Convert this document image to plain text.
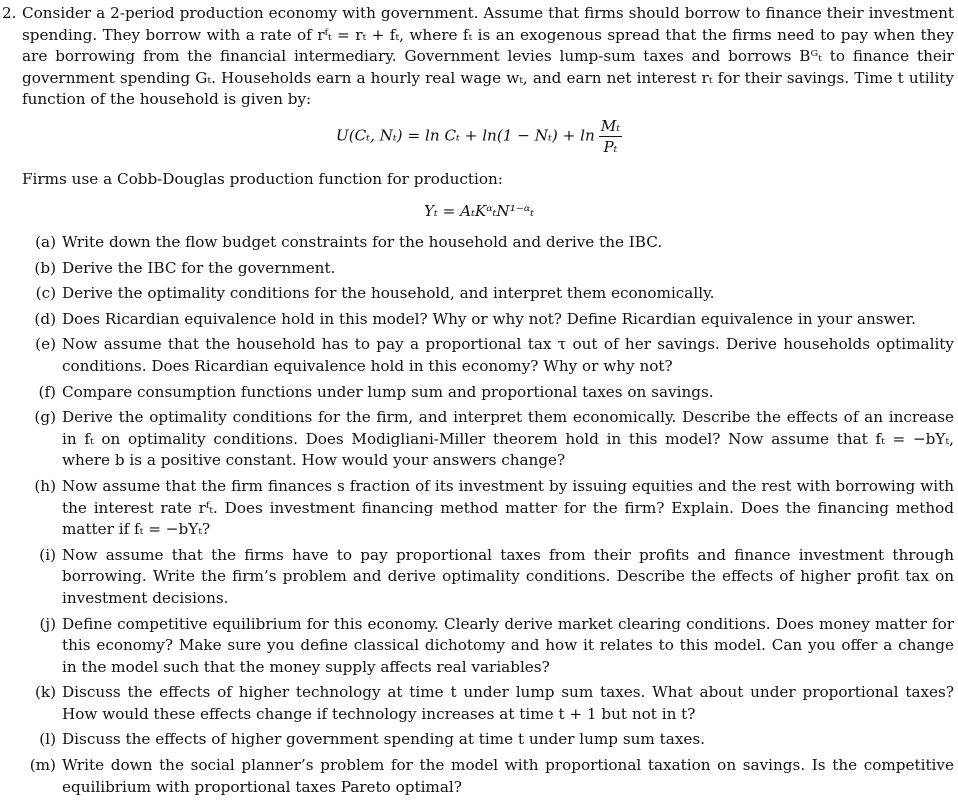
2. Consider a 2-period production economy with government. Assume that firms should borrow to finance their investment spending. They borrow with a rate of rᶠₜ = rₜ + fₜ, where fₜ is an exogenous spread that the firms need to pay when they are borrowing from the financial intermediary. Government levies lump-sum taxes and borrows Bᴳₜ to finance their government spending Gₜ. Households earn a hourly real wage wₜ, and earn net interest rₜ for their savings. Time t utility function of the household is given by:
U(Cₜ, $N_t) = \ln C_t + \ln(1 - N_t) + \ln \frac{\text{Mₜ}}{\text{Pₜ}}$
Firms use a Cobb-Douglas production function for production:
Yₜ = AₜKᵅₜN¹⁻ᵅₜ
(a) Write down the flow budget constraints for the household and derive the IBC.
(b) Derive the IBC for the government.
(c) Derive the optimality conditions for the household, and interpret them economically.
(d) Does Ricardian equivalence hold in this model? Why or why not? Define Ricardian equivalence in your answer.
(e) Now assume that the household has to pay a proportional tax τ out of her savings. Derive households optimality conditions. Does Ricardian equivalence hold in this economy? Why or why not?
(f) Compare consumption functions under lump sum and proportional taxes on savings.
(g) Derive the optimality conditions for the firm, and interpret them economically. Describe the effects of an increase in fₜ on optimality conditions. Does Modigliani-Miller theorem hold in this model? Now assume that fₜ = −bYₜ, where b is a positive constant. How would your answers change?
(h) Now assume that the firm finances s fraction of its investment by issuing equities and the rest with borrowing with the interest rate rᶠₜ. Does investment financing method matter for the firm? Explain. Does the financing method matter if fₜ = −bYₜ?
(i) Now assume that the firms have to pay proportional taxes from their profits and finance investment through borrowing. Write the firm’s problem and derive optimality conditions. Describe the effects of higher profit tax on investment decisions.
(j) Define competitive equilibrium for this economy. Clearly derive market clearing conditions. Does money matter for this economy? Make sure you define classical dichotomy and how it relates to this model. Can you offer a change in the model such that the money supply affects real variables?
(k) Discuss the effects of higher technology at time t under lump sum taxes. What about under proportional taxes? How would these effects change if technology increases at time t + 1 but not in t?
(l) Discuss the effects of higher government spending at time t under lump sum taxes.
(m) Write down the social planner’s problem for the model with proportional taxation on savings. Is the competitive equilibrium with proportional taxes Pareto optimal?
